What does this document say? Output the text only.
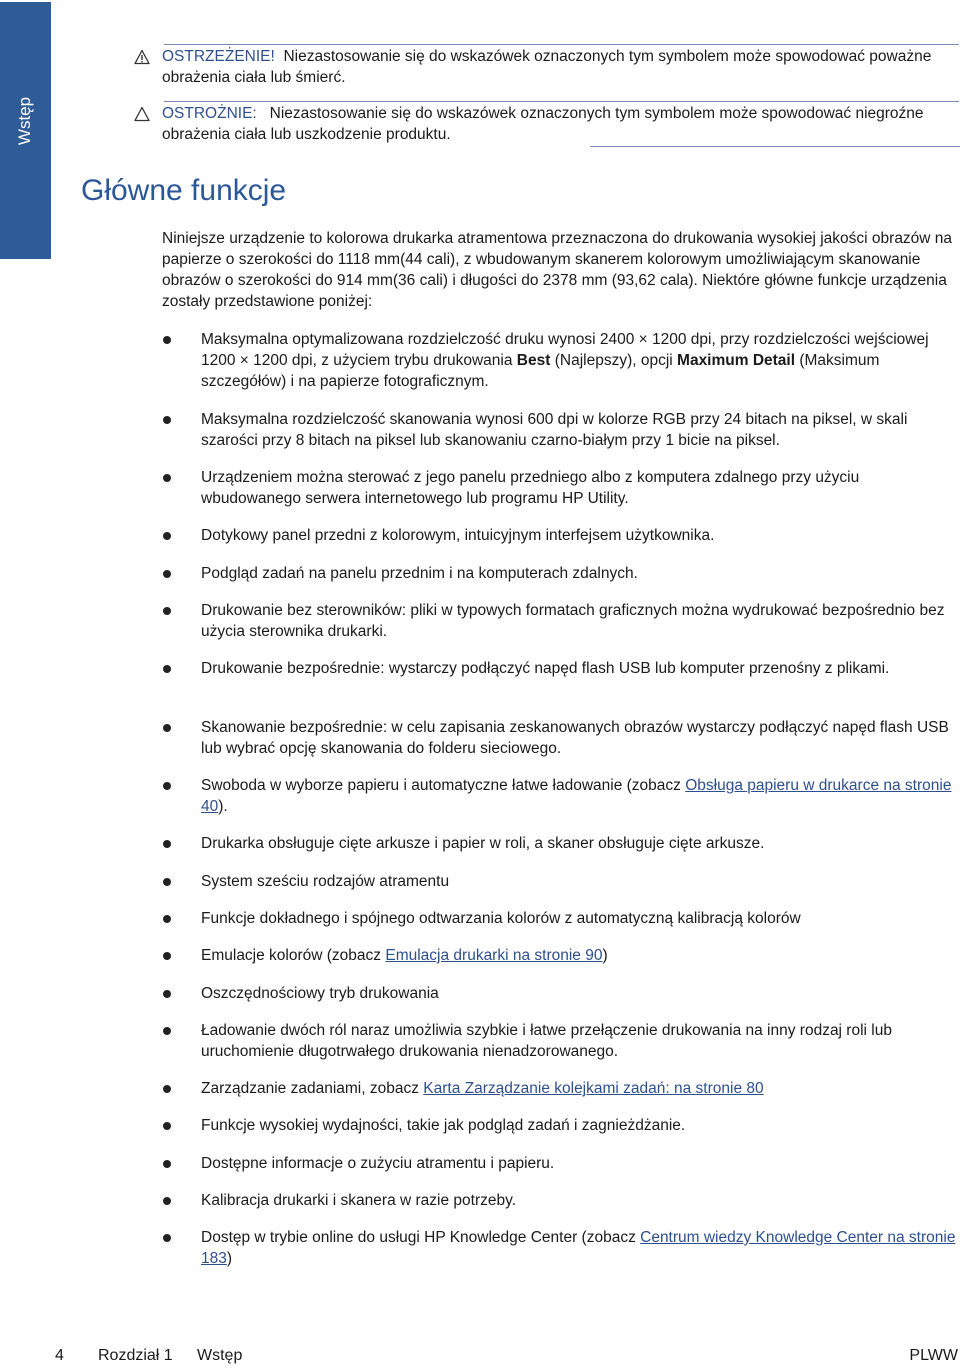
Wstęp
OSTRZEŻENIE! Niezastosowanie się do wskazówek oznaczonych tym symbolem może spowodować poważne obrażenia ciała lub śmierć.
OSTROŻNIE: Niezastosowanie się do wskazówek oznaczonych tym symbolem może spowodować niegroźne obrażenia ciała lub uszkodzenie produktu.
Główne funkcje

Niniejsze urządzenie to kolorowa drukarka atramentowa przeznaczona do drukowania wysokiej jakości obrazów na papierze o szerokości do 1118 mm(44 cali), z wbudowanym skanerem kolorowym umożliwiającym skanowanie obrazów o szerokości do 914 mm(36 cali) i długości do 2378 mm (93,62 cala). Niektóre główne funkcje urządzenia zostały przedstawione poniżej:

Maksymalna optymalizowana rozdzielczość druku wynosi 2400 × 1200 dpi, przy rozdzielczości wejściowej 1200 × 1200 dpi, z użyciem trybu drukowania Best (Najlepszy), opcji Maximum Detail (Maksimum szczegółów) i na papierze fotograficznym.
Maksymalna rozdzielczość skanowania wynosi 600 dpi w kolorze RGB przy 24 bitach na piksel, w skali szarości przy 8 bitach na piksel lub skanowaniu czarno-białym przy 1 bicie na piksel.
Urządzeniem można sterować z jego panelu przedniego albo z komputera zdalnego przy użyciu wbudowanego serwera internetowego lub programu HP Utility.
Dotykowy panel przedni z kolorowym, intuicyjnym interfejsem użytkownika.
Podgląd zadań na panelu przednim i na komputerach zdalnych.
Drukowanie bez sterowników: pliki w typowych formatach graficznych można wydrukować bezpośrednio bez użycia sterownika drukarki.
Drukowanie bezpośrednie: wystarczy podłączyć napęd flash USB lub komputer przenośny z plikami.
Skanowanie bezpośrednie: w celu zapisania zeskanowanych obrazów wystarczy podłączyć napęd flash USB lub wybrać opcję skanowania do folderu sieciowego.
Swoboda w wyborze papieru i automatyczne łatwe ładowanie (zobacz Obsługa papieru w drukarce na stronie 40).
Drukarka obsługuje cięte arkusze i papier w roli, a skaner obsługuje cięte arkusze.
System sześciu rodzajów atramentu
Funkcje dokładnego i spójnego odtwarzania kolorów z automatyczną kalibracją kolorów
Emulacje kolorów (zobacz Emulacja drukarki na stronie 90)
Oszczędnościowy tryb drukowania
Ładowanie dwóch ról naraz umożliwia szybkie i łatwe przełączenie drukowania na inny rodzaj roli lub uruchomienie długotrwałego drukowania nienadzorowanego.
Zarządzanie zadaniami, zobacz Karta Zarządzanie kolejkami zadań: na stronie 80
Funkcje wysokiej wydajności, takie jak podgląd zadań i zagnieżdżanie.
Dostępne informacje o zużyciu atramentu i papieru.
Kalibracja drukarki i skanera w razie potrzeby.
Dostęp w trybie online do usługi HP Knowledge Center (zobacz Centrum wiedzy Knowledge Center na stronie 183)
4 Rozdział 1 Wstęp	PLWW
